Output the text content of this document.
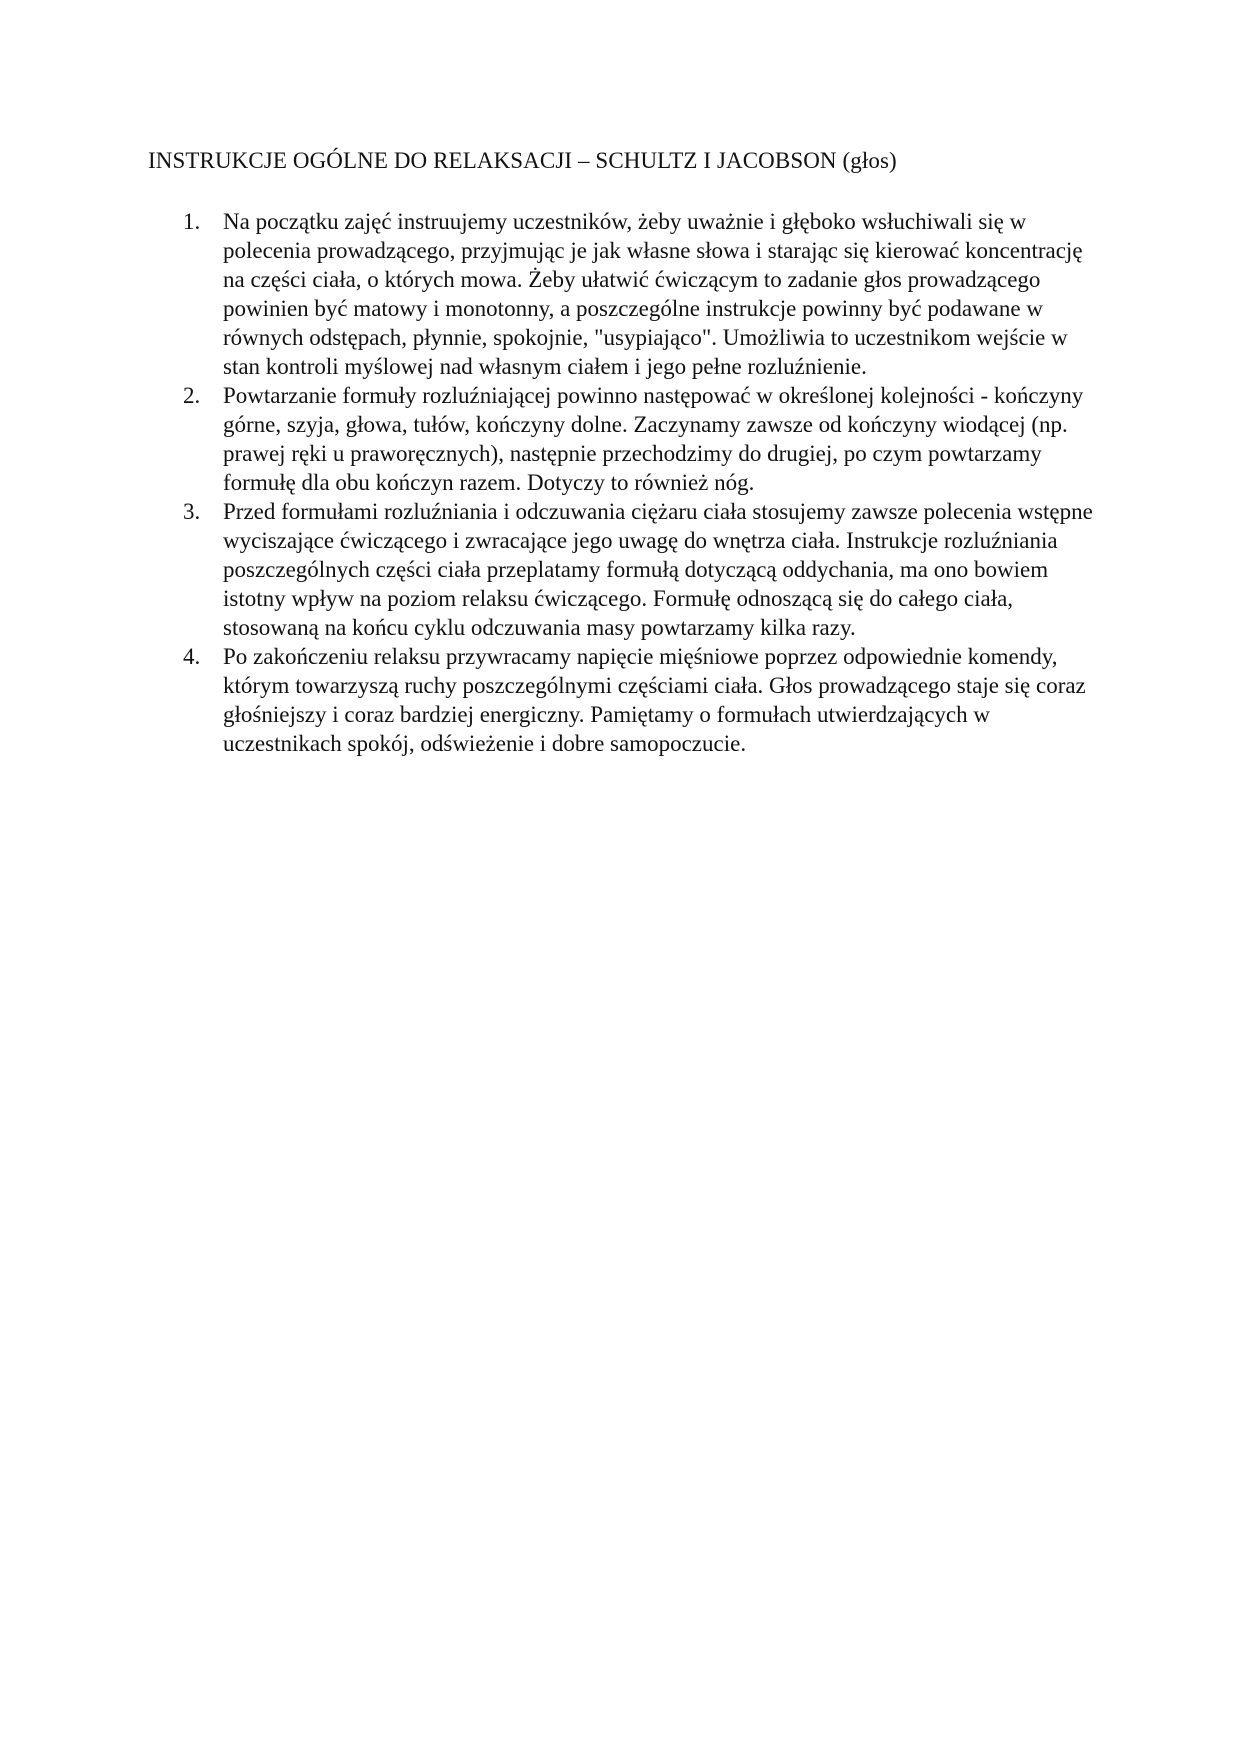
INSTRUKCJE OGÓLNE DO RELAKSACJI – SCHULTZ I JACOBSON (głos)
1. Na początku zajęć instruujemy uczestników, żeby uważnie i głęboko wsłuchiwali się w polecenia prowadzącego, przyjmując je jak własne słowa i starając się kierować koncentrację na części ciała, o których mowa. Żeby ułatwić ćwiczącym to zadanie głos prowadzącego powinien być matowy i monotonny, a poszczególne instrukcje powinny być podawane w równych odstępach, płynnie, spokojnie, "usypiająco". Umożliwia to uczestnikom wejście w stan kontroli myślowej nad własnym ciałem i jego pełne rozluźnienie.
2. Powtarzanie formuły rozluźniającej powinno następować w określonej kolejności - kończyny górne, szyja, głowa, tułów, kończyny dolne. Zaczynamy zawsze od kończyny wiodącej (np. prawej ręki u praworęcznych), następnie przechodzimy do drugiej, po czym powtarzamy formułę dla obu kończyn razem. Dotyczy to również nóg.
3. Przed formułami rozluźniania i odczuwania ciężaru ciała stosujemy zawsze polecenia wstępne wyciszające ćwiczącego i zwracające jego uwagę do wnętrza ciała. Instrukcje rozluźniania poszczególnych części ciała przeplatamy formułą dotyczącą oddychania, ma ono bowiem istotny wpływ na poziom relaksu ćwiczącego. Formułę odnoszącą się do całego ciała, stosowaną na końcu cyklu odczuwania masy powtarzamy kilka razy.
4. Po zakończeniu relaksu przywracamy napięcie mięśniowe poprzez odpowiednie komendy, którym towarzyszą ruchy poszczególnymi częściami ciała. Głos prowadzącego staje się coraz głośniejszy i coraz bardziej energiczny. Pamiętamy o formułach utwierdzających w uczestnikach spokój, odświeżenie i dobre samopoczucie.
